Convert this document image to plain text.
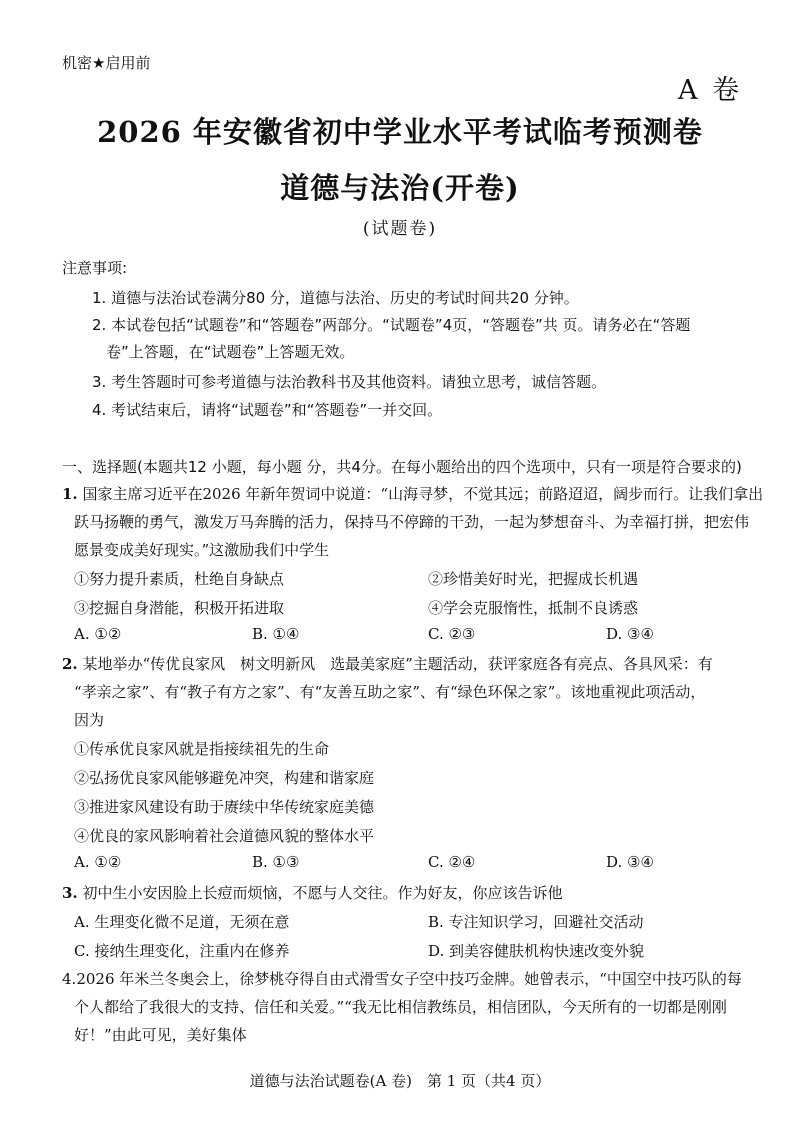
机密★启用前
A 卷
2026 年安徽省初中学业水平考试临考预测卷
道德与法治(开卷)
(试题卷)
注意事项:
1. 道德与法治试卷满分80 分，道德与法治、历史的考试时间共20 分钟。
2. 本试卷包括“试题卷”和“答题卷”两部分。“试题卷”4页，“答题卷”共 页。请务必在“答题
卷”上答题，在“试题卷”上答题无效。
3. 考生答题时可参考道德与法治教科书及其他资料。请独立思考，诚信答题。
4. 考试结束后，请将“试题卷”和“答题卷”一并交回。
一、选择题(本题共12 小题，每小题 分，共4分。在每小题给出的四个选项中，只有一项是符合要求的)
1. 国家主席习近平在2026 年新年贺词中说道：“山海寻梦，不觉其远；前路迢迢，阔步而行。让我们拿出
跃马扬鞭的勇气，激发万马奔腾的活力，保持马不停蹄的干劲，一起为梦想奋斗、为幸福打拼，把宏伟
愿景变成美好现实。”这激励我们中学生
①努力提升素质，杜绝自身缺点	②珍惜美好时光，把握成长机遇
③挖掘自身潜能，积极开拓进取	④学会克服惰性，抵制不良诱惑
A. ①②	B. ①④	C. ②③	D. ③④
2. 某地举办“传优良家风　树文明新风　选最美家庭”主题活动，获评家庭各有亮点、各具风采：有
“孝亲之家”、有“教子有方之家”、有“友善互助之家”、有“绿色环保之家”。该地重视此项活动，
因为
①传承优良家风就是指接续祖先的生命
②弘扬优良家风能够避免冲突，构建和谐家庭
③推进家风建设有助于赓续中华传统家庭美德
④优良的家风影响着社会道德风貌的整体水平
A. ①②	B. ①③	C. ②④	D. ③④
3. 初中生小安因脸上长痘而烦恼，不愿与人交往。作为好友，你应该告诉他
A. 生理变化微不足道，无须在意	B. 专注知识学习，回避社交活动
C. 接纳生理变化，注重内在修养	D. 到美容健肤机构快速改变外貌
4.2026 年米兰冬奥会上，徐梦桃夺得自由式滑雪女子空中技巧金牌。她曾表示，“中国空中技巧队的每
个人都给了我很大的支持、信任和关爱。”“我无比相信教练员，相信团队，今天所有的一切都是刚刚
好！”由此可见，美好集体
道德与法治试题卷(A 卷)　第 1 页（共4 页）
